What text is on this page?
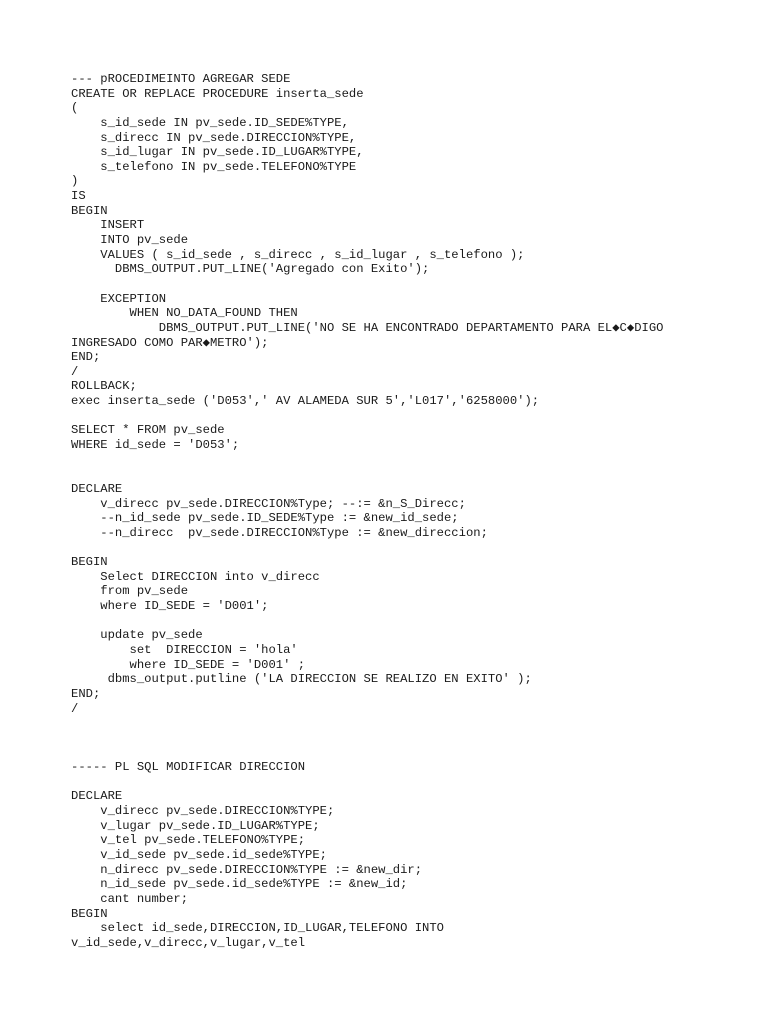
--- pROCEDIMEINTO AGREGAR SEDE
CREATE OR REPLACE PROCEDURE inserta_sede
(
s_id_sede IN pv_sede.ID_SEDE%TYPE,
s_direcc IN pv_sede.DIRECCION%TYPE,
s_id_lugar IN pv_sede.ID_LUGAR%TYPE,
s_telefono IN pv_sede.TELEFONO%TYPE
)
IS
BEGIN
INSERT
INTO pv_sede
VALUES ( s_id_sede , s_direcc , s_id_lugar , s_telefono );
DBMS_OUTPUT.PUT_LINE('Agregado con Exito');
EXCEPTION
WHEN NO_DATA_FOUND THEN
DBMS_OUTPUT.PUT_LINE('NO SE HA ENCONTRADO DEPARTAMENTO PARA EL◆C◆DIGO
INGRESADO COMO PAR◆METRO');
END;
/
ROLLBACK;
exec inserta_sede ('D053',' AV ALAMEDA SUR 5','L017','6258000');
SELECT * FROM pv_sede
WHERE id_sede = 'D053';
DECLARE
v_direcc pv_sede.DIRECCION%Type; --:= &n_S_Direcc;
--n_id_sede pv_sede.ID_SEDE%Type := &new_id_sede;
--n_direcc  pv_sede.DIRECCION%Type := &new_direccion;
BEGIN
Select DIRECCION into v_direcc
from pv_sede
where ID_SEDE = 'D001';
update pv_sede
set  DIRECCION = 'hola'
where ID_SEDE = 'D001' ;
dbms_output.putline ('LA DIRECCION SE REALIZO EN EXITO' );
END;
/
----- PL SQL MODIFICAR DIRECCION
DECLARE
v_direcc pv_sede.DIRECCION%TYPE;
v_lugar pv_sede.ID_LUGAR%TYPE;
v_tel pv_sede.TELEFONO%TYPE;
v_id_sede pv_sede.id_sede%TYPE;
n_direcc pv_sede.DIRECCION%TYPE := &new_dir;
n_id_sede pv_sede.id_sede%TYPE := &new_id;
cant number;
BEGIN
select id_sede,DIRECCION,ID_LUGAR,TELEFONO INTO
v_id_sede,v_direcc,v_lugar,v_tel
